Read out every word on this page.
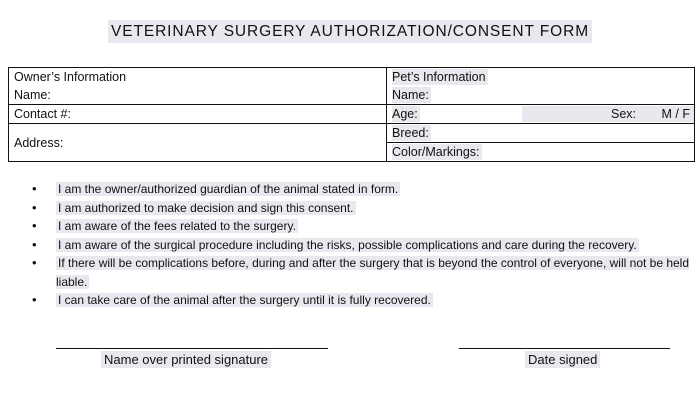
VETERINARY SURGERY AUTHORIZATION/CONSENT FORM
Owner’s Information	Pet’s Information
Name:	Name:
Contact #:	Age: Sex: M / F

Address:	Breed:
	Color/Markings:
• I am the owner/authorized guardian of the animal stated in form.
• I am authorized to make decision and sign this consent.
• I am aware of the fees related to the surgery.
• I am aware of the surgical procedure including the risks, possible complications and care during the recovery.
• If there will be complications before, during and after the surgery that is beyond the control of everyone, will not be held liable.
• I can take care of the animal after the surgery until it is fully recovered.
Name over printed signature	Date signed
